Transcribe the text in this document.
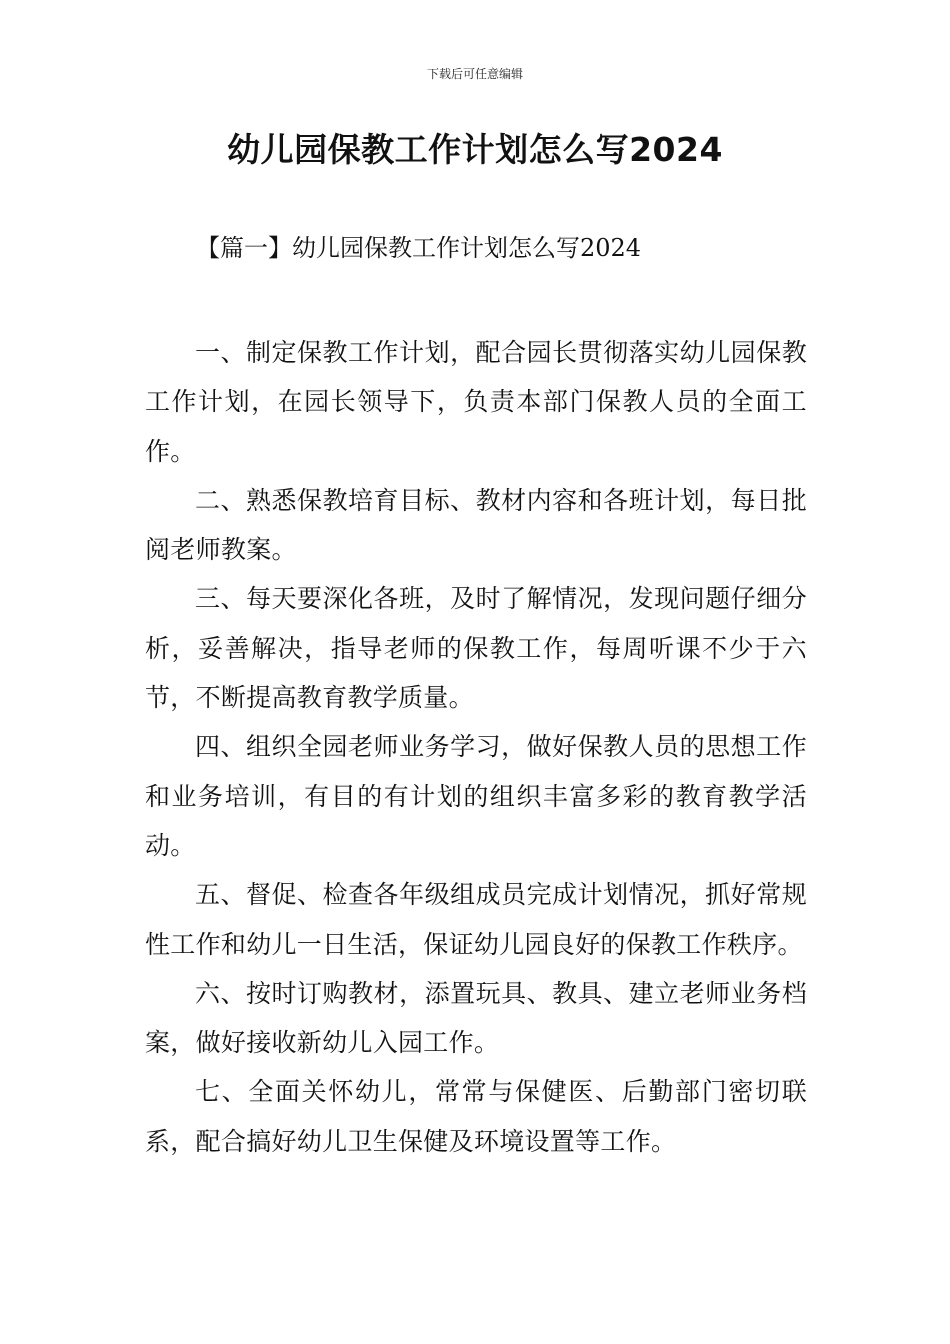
下载后可任意编辑
幼儿园保教工作计划怎么写2024
【篇一】幼儿园保教工作计划怎么写2024

一、制定保教工作计划，配合园长贯彻落实幼儿园保教工作计划，在园长领导下，负责本部门保教人员的全面工作。

二、熟悉保教培育目标、教材内容和各班计划，每日批阅老师教案。

三、每天要深化各班，及时了解情况，发现问题仔细分析，妥善解决，指导老师的保教工作，每周听课不少于六节，不断提高教育教学质量。

四、组织全园老师业务学习，做好保教人员的思想工作和业务培训，有目的有计划的组织丰富多彩的教育教学活动。

五、督促、检查各年级组成员完成计划情况，抓好常规性工作和幼儿一日生活，保证幼儿园良好的保教工作秩序。

六、按时订购教材，添置玩具、教具、建立老师业务档案，做好接收新幼儿入园工作。

七、全面关怀幼儿，常常与保健医、后勤部门密切联系，配合搞好幼儿卫生保健及环境设置等工作。
